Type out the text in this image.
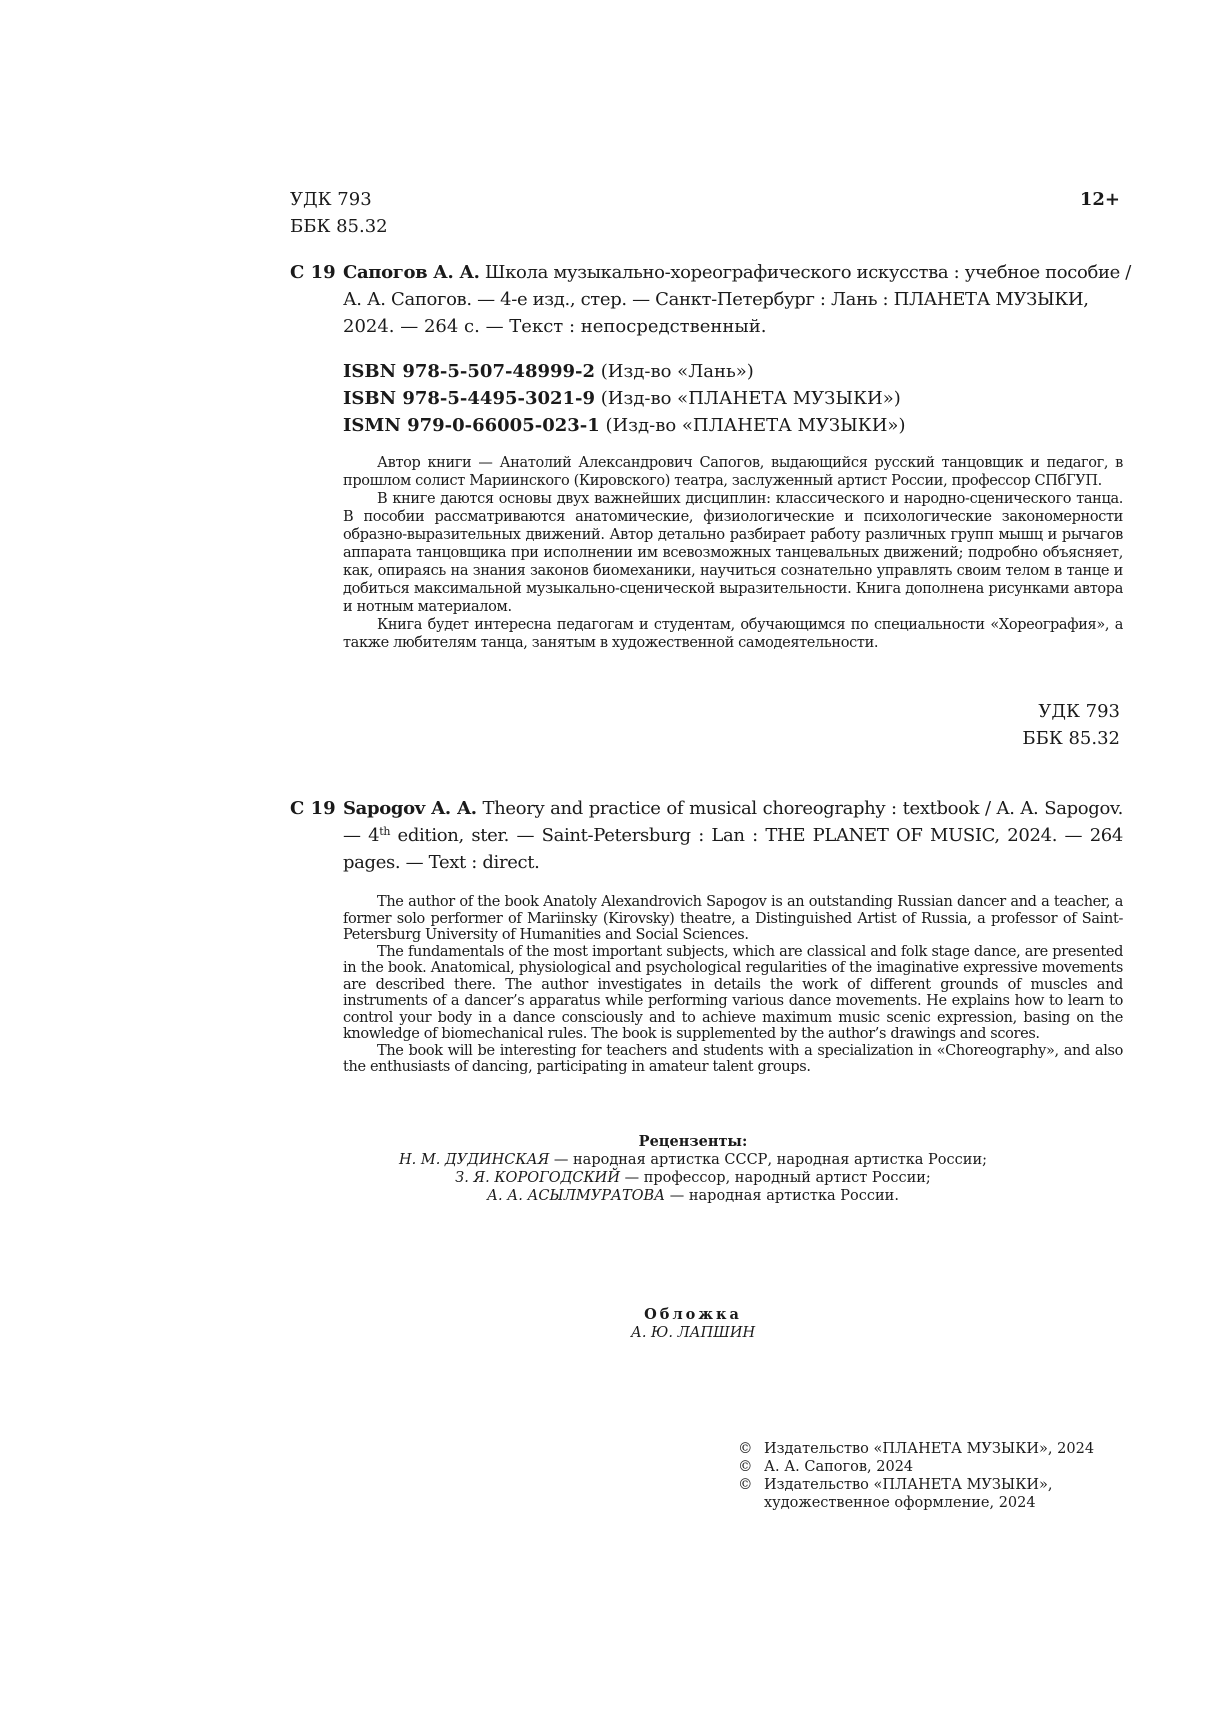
УДК 793
ББК 85.32
12+
С 19 Сапогов А. А. Школа музыкально-хореографического искусства : учебное пособие /
А. А. Сапогов. — 4-е изд., стер. — Санкт-Петербург : Лань : ПЛАНЕТА МУЗЫКИ,
2024. — 264 с. — Текст : непосредственный.
ISBN 978-5-507-48999-2 (Изд-во «Лань»)
ISBN 978-5-4495-3021-9 (Изд-во «ПЛАНЕТА МУЗЫКИ»)
ISMN 979-0-66005-023-1 (Изд-во «ПЛАНЕТА МУЗЫКИ»)

Автор книги — Анатолий Александрович Сапогов, выдающийся русский танцовщик и педагог, в прошлом солист Мариинского (Кировского) театра, заслуженный артист России, профессор СПбГУП.

В книге даются основы двух важнейших дисциплин: классического и народно-сценического танца. В пособии рассматриваются анатомические, физиологические и психологические закономерности образно-выразительных движений. Автор детально разбирает работу различных групп мышц и рычагов аппарата танцовщика при исполнении им всевозможных танцевальных движений; подробно объясняет, как, опираясь на знания законов биомеханики, научиться сознательно управлять своим телом в танце и добиться максимальной музыкально-сценической выразительности. Книга дополнена рисунками автора и нотным материалом.

Книга будет интересна педагогам и студентам, обучающимся по специальности «Хореография», а также любителям танца, занятым в художественной самодеятельности.

УДК 793
ББК 85.32
С 19 Sapogov A. A. Theory and practice of musical choreography : textbook / A. A. Sapogov. — 4th edition, ster. — Saint-Petersburg : Lan : THE PLANET OF MUSIC, 2024. — 264 pages. — Text : direct.

The author of the book Anatoly Alexandrovich Sapogov is an outstanding Russian dancer and a teacher, a former solo performer of Mariinsky (Kirovsky) theatre, a Distinguished Artist of Russia, a professor of Saint-Petersburg University of Humanities and Social Sciences.

The fundamentals of the most important subjects, which are classical and folk stage dance, are presented in the book. Anatomical, physiological and psychological regularities of the imaginative expressive movements are described there. The author investigates in details the work of different grounds of muscles and instruments of a dancer’s apparatus while performing various dance movements. He explains how to learn to control your body in a dance consciously and to achieve maximum music scenic expression, basing on the knowledge of biomechanical rules. The book is supplemented by the author’s drawings and scores.

The book will be interesting for teachers and students with a specialization in «Choreography», and also the enthusiasts of dancing, participating in amateur talent groups.

Рецензенты:
Н. М. ДУДИНСКАЯ — народная артистка СССР, народная артистка России;
З. Я. КОРОГОДСКИЙ — профессор, народный артист России;
А. А. АСЫЛМУРАТОВА — народная артистка России.
Обложка
А. Ю. ЛАПШИН
© Издательство «ПЛАНЕТА МУЗЫКИ», 2024
© А. А. Сапогов, 2024
© Издательство «ПЛАНЕТА МУЗЫКИ», художественное оформление, 2024
